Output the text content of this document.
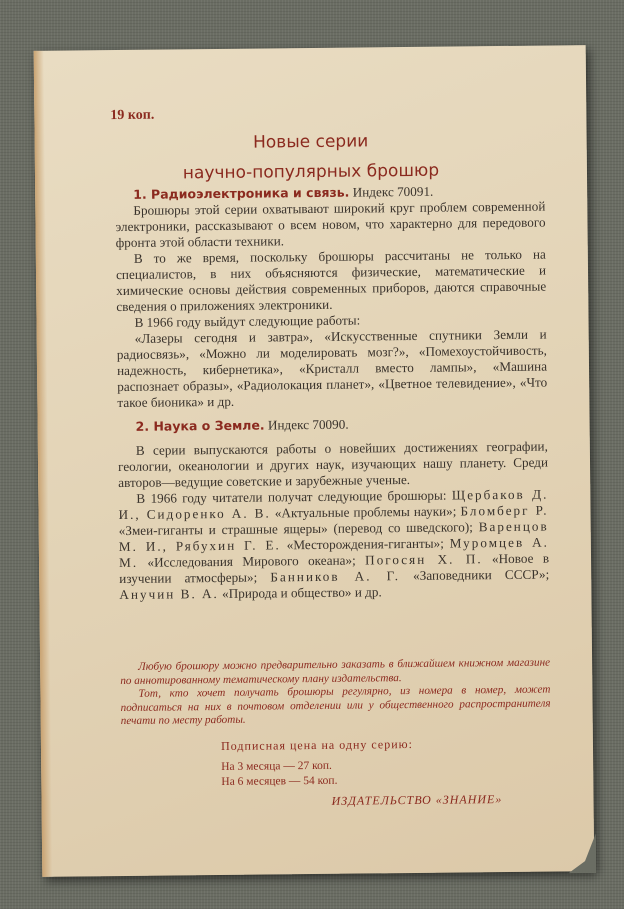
19 коп.
Новые серии
научно-популярных брошюр

1. Радиоэлектроника и связь. Индекс 70091.

Брошюры этой серии охватывают широкий круг проблем современной электроники, рассказывают о всем новом, что характерно для передового фронта этой области техники.

В то же время, поскольку брошюры рассчитаны не только на специалистов, в них объясняются физические, математические и химические основы действия современных приборов, даются справочные сведения о приложениях электроники.

В 1966 году выйдут следующие работы:

«Лазеры сегодня и завтра», «Искусственные спутники Земли и радиосвязь», «Можно ли моделировать мозг?», «Помехоустойчивость, надежность, кибернетика», «Кристалл вместо лампы», «Машина распознает образы», «Радиолокация планет», «Цветное телевидение», «Что такое бионика» и др.

2. Наука о Земле. Индекс 70090.

В серии выпускаются работы о новейших достижениях географии, геологии, океанологии и других наук, изучающих нашу планету. Среди авторов—ведущие советские и зарубежные ученые.

В 1966 году читатели получат следующие брошюры: Щербаков Д. И., Сидоренко А. В. «Актуальные проблемы науки»; Бломберг Р. «Змеи-гиганты и страшные ящеры» (перевод со шведского); Варенцов М. И., Рябухин Г. Е. «Месторождения-гиганты»; Муромцев А. М. «Исследования Мирового океана»; Погосян Х. П. «Новое в изучении атмосферы»; Банников А. Г. «Заповедники СССР»; Анучин В. А. «Природа и общество» и др.

Любую брошюру можно предварительно заказать в ближайшем книжном магазине по аннотированному тематическому плану издательства.

Тот, кто хочет получать брошюры регулярно, из номера в номер, может подписаться на них в почтовом отделении или у общественного распространителя печати по месту работы.

Подписная цена на одну серию:
На 3 месяца — 27 коп.
На 6 месяцев — 54 коп.
ИЗДАТЕЛЬСТВО «ЗНАНИЕ»
